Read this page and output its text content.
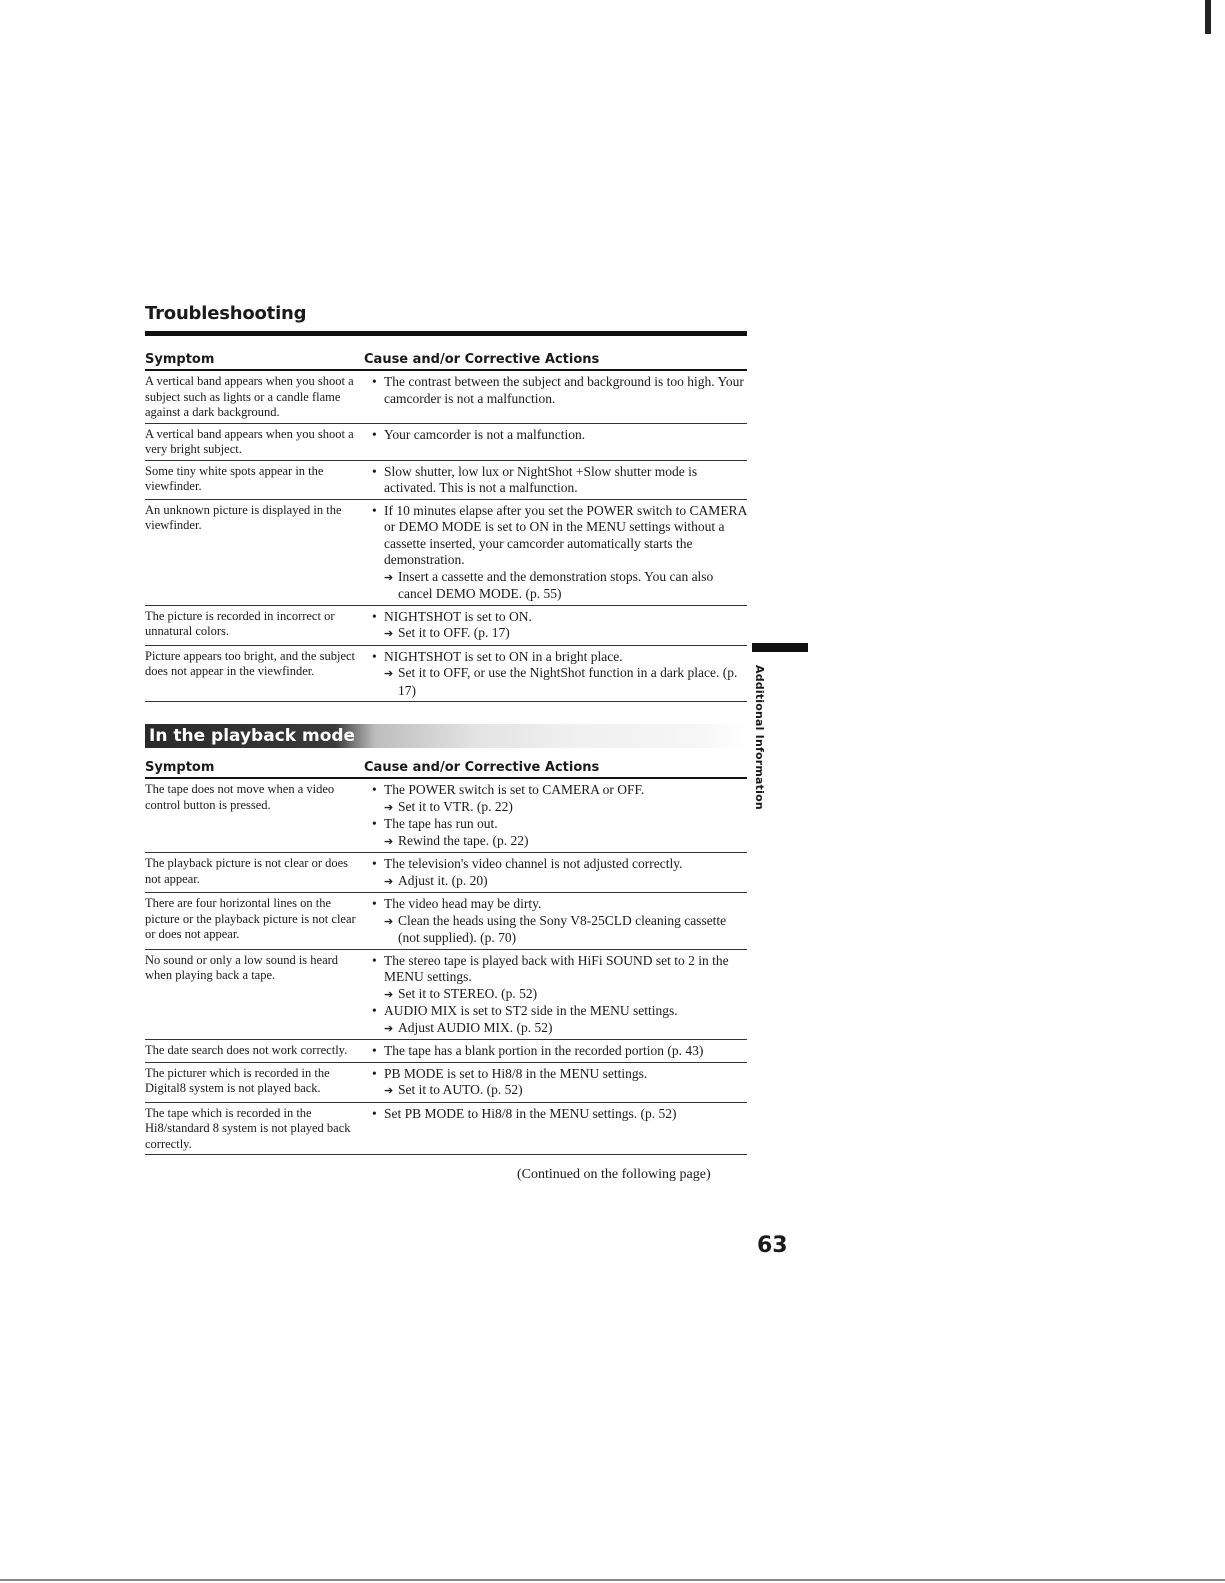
Troubleshooting
Symptom	Cause and/or Corrective Actions
A vertical band appears when you shoot a subject such as lights or a candle flame against a dark background.

• The contrast between the subject and background is too high. Your camcorder is not a malfunction.

A vertical band appears when you shoot a very bright subject.

• Your camcorder is not a malfunction.

Some tiny white spots appear in the viewfinder.

• Slow shutter, low lux or NightShot +Slow shutter mode is activated. This is not a malfunction.

An unknown picture is displayed in the viewfinder.

• If 10 minutes elapse after you set the POWER switch to CAMERA or DEMO MODE is set to ON in the MENU settings without a cassette inserted, your camcorder automatically starts the demonstration.

➔ Insert a cassette and the demonstration stops. You can also cancel DEMO MODE. (p. 55)

The picture is recorded in incorrect or unnatural colors.

• NIGHTSHOT is set to ON.

➔ Set it to OFF. (p. 17)

Picture appears too bright, and the subject does not appear in the viewfinder.

• NIGHTSHOT is set to ON in a bright place.

➔ Set it to OFF, or use the NightShot function in a dark place. (p. 17)

In the playback mode
Symptom	Cause and/or Corrective Actions
The tape does not move when a video control button is pressed.

• The POWER switch is set to CAMERA or OFF.

➔ Set it to VTR. (p. 22)

• The tape has run out.

➔ Rewind the tape. (p. 22)

The playback picture is not clear or does not appear.

• The television's video channel is not adjusted correctly.

➔ Adjust it. (p. 20)

There are four horizontal lines on the picture or the playback picture is not clear or does not appear.

• The video head may be dirty.

➔ Clean the heads using the Sony V8-25CLD cleaning cassette (not supplied). (p. 70)

No sound or only a low sound is heard when playing back a tape.

• The stereo tape is played back with HiFi SOUND set to 2 in the MENU settings.

➔ Set it to STEREO. (p. 52)

• AUDIO MIX is set to ST2 side in the MENU settings.

➔ Adjust AUDIO MIX. (p. 52)

The date search does not work correctly.

•	The tape has a blank portion in the recorded portion (p. 43)

The picturer which is recorded in the Digital8 system is not played back.

• PB MODE is set to Hi8/8 in the MENU settings.

➔ Set it to AUTO. (p. 52)

The tape which is recorded in the Hi8/standard 8 system is not played back correctly.

• Set PB MODE to Hi8/8 in the MENU settings. (p. 52)

Additional Information
(Continued on the following page)
63
